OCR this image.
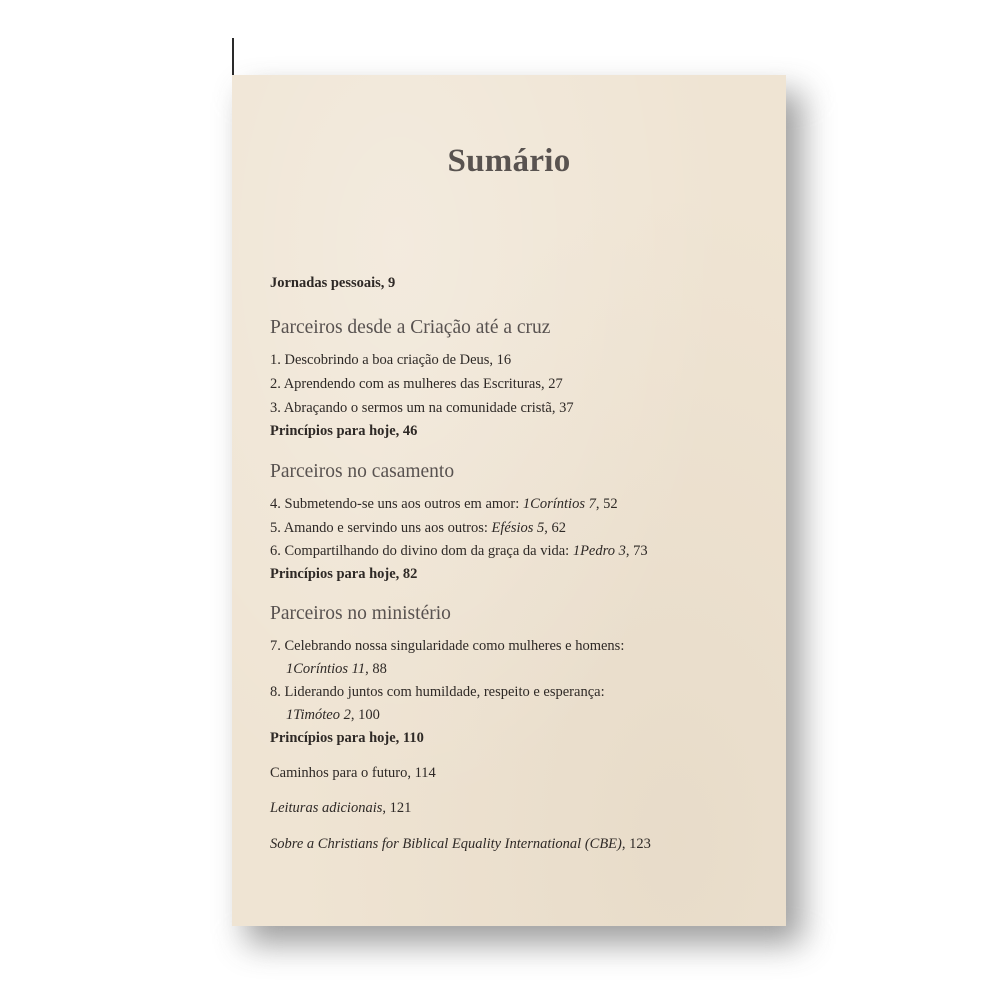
Sumário
Jornadas pessoais, 9
Parceiros desde a Criação até a cruz
1. Descobrindo a boa criação de Deus, 16
2. Aprendendo com as mulheres das Escrituras, 27
3. Abraçando o sermos um na comunidade cristã, 37
Princípios para hoje, 46
Parceiros no casamento
4. Submetendo-se uns aos outros em amor: 1Coríntios 7, 52
5. Amando e servindo uns aos outros: Efésios 5, 62
6. Compartilhando do divino dom da graça da vida: 1Pedro 3, 73
Princípios para hoje, 82
Parceiros no ministério
7. Celebrando nossa singularidade como mulheres e homens:
1Coríntios 11, 88
8. Liderando juntos com humildade, respeito e esperança:
1Timóteo 2, 100
Princípios para hoje, 110
Caminhos para o futuro, 114
Leituras adicionais, 121
Sobre a Christians for Biblical Equality International (CBE), 123
